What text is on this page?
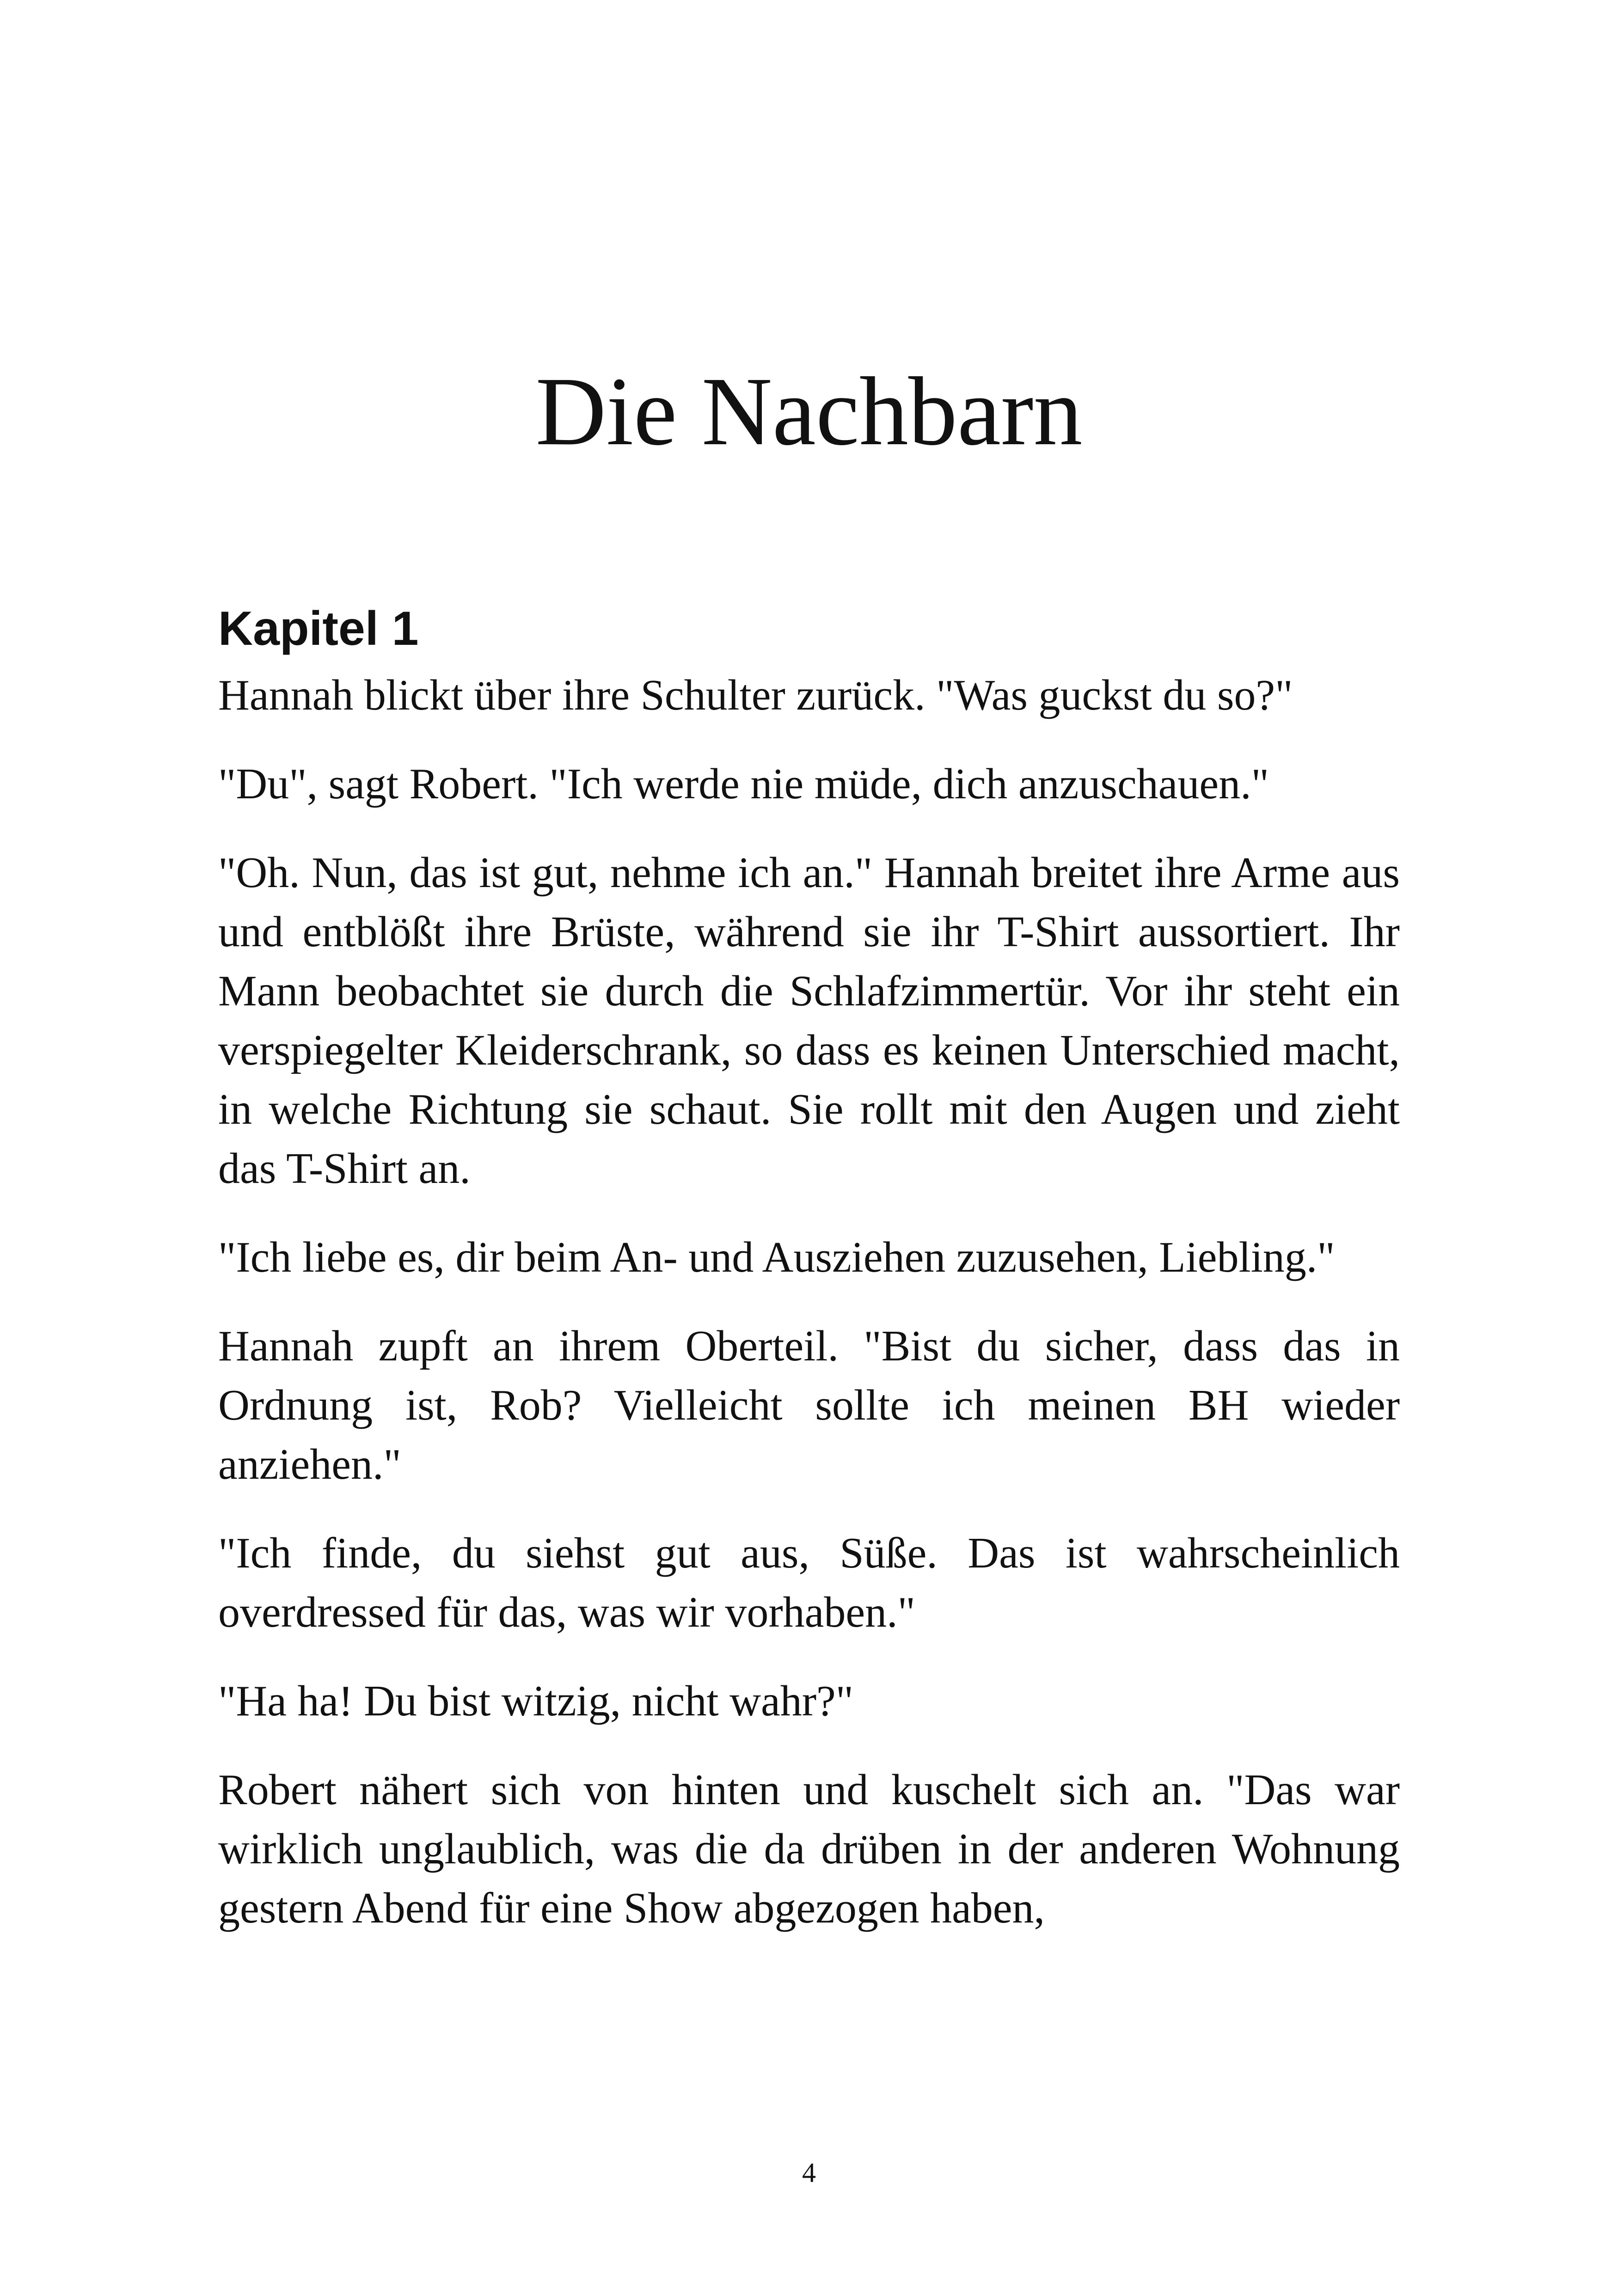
Die Nachbarn
Kapitel 1

Hannah blickt über ihre Schulter zurück. "Was guckst du so?"

"Du", sagt Robert. "Ich werde nie müde, dich anzuschauen."

"Oh. Nun, das ist gut, nehme ich an." Hannah breitet ihre Arme aus und entblößt ihre Brüste, während sie ihr T-Shirt aussortiert. Ihr Mann beobachtet sie durch die Schlafzimmertür. Vor ihr steht ein verspiegelter Kleiderschrank, so dass es keinen Unterschied macht, in welche Richtung sie schaut. Sie rollt mit den Augen und zieht das T-Shirt an.

"Ich liebe es, dir beim An- und Ausziehen zuzusehen, Liebling."

Hannah zupft an ihrem Oberteil. "Bist du sicher, dass das in Ordnung ist, Rob? Vielleicht sollte ich meinen BH wieder anziehen."

"Ich finde, du siehst gut aus, Süße. Das ist wahrscheinlich overdressed für das, was wir vorhaben."

"Ha ha! Du bist witzig, nicht wahr?"

Robert nähert sich von hinten und kuschelt sich an. "Das war wirklich unglaublich, was die da drüben in der anderen Wohnung gestern Abend für eine Show abgezogen haben,

4
